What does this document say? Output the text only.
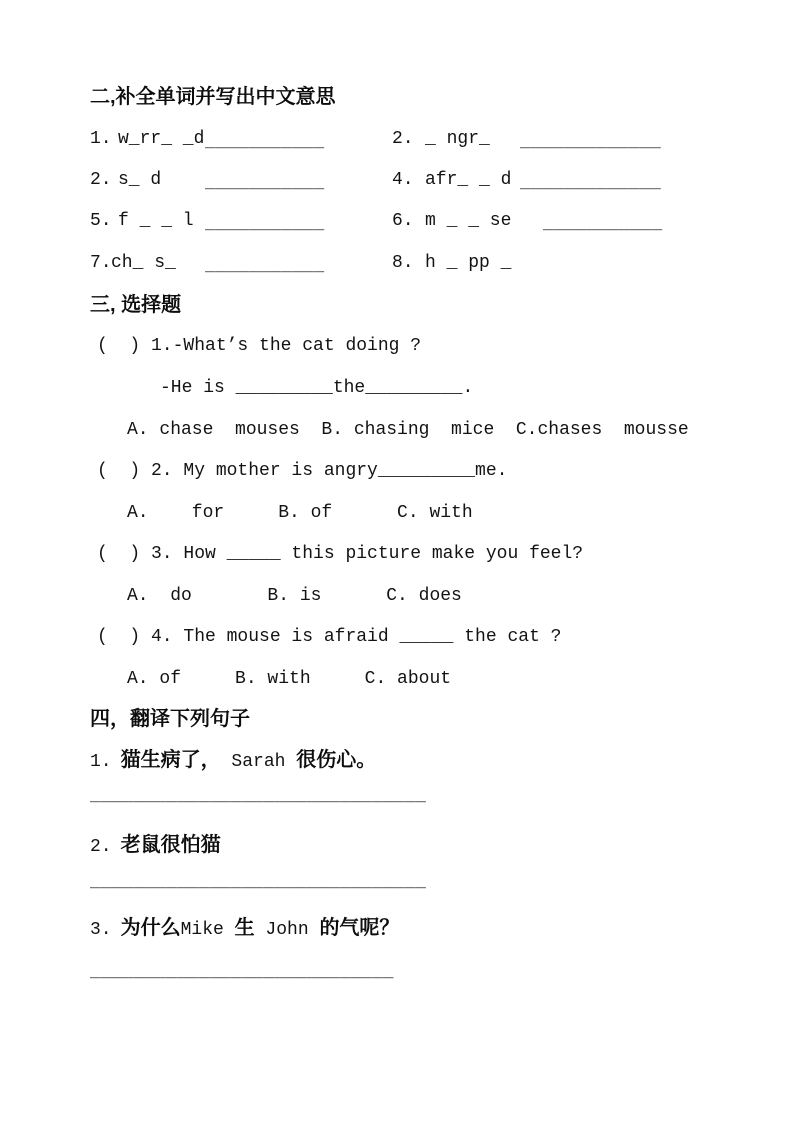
二,补全单词并写出中文意思
1. w_rr_ _d ___________	2. _ ngr_ _____________
2. s_ d ___________	4. afr_ _ d _____________
5. f _ _ l ___________	6. m _ _ se ___________
7. ch_ s_ ___________	8. h _ pp _
三, 选择题
(  ) 1.-What’s the cat doing ?
-He is _________the_________.
A. chase  mouses  B. chasing  mice  C.chases  mousse
(  ) 2. My mother is angry_________me.
A.    for     B. of      C. with
(  ) 3. How _____ this picture make you feel?
A.  do       B. is      C. does
(  ) 4. The mouse is afraid _____ the cat ?
A. of     B. with     C. about
四，翻译下列句子
1. 猫生病了， Sarah 很伤心。
_______________________________
2. 老鼠很怕猫
_______________________________
3. 为什么Mike 生 John 的气呢？
____________________________
